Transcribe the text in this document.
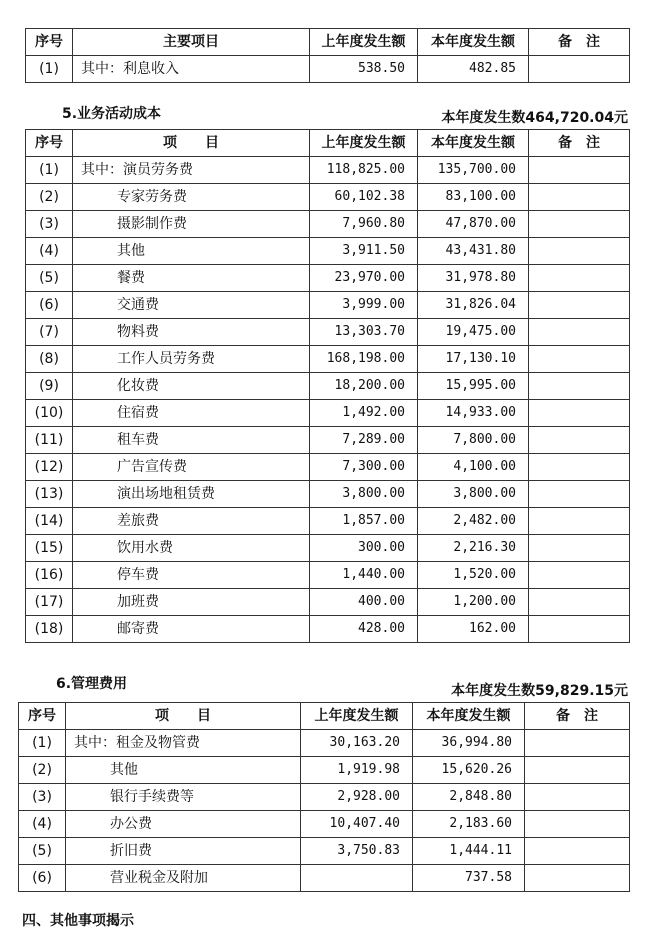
序号	主要项目	上年度发生额	本年度发生额	备　注
(1)	其中：利息收入	538.50	482.85	
5.业务活动成本	本年度发生数464,720.04元
序号	项　　目	上年度发生额	本年度发生额	备　注
(1)	其中：演员劳务费	118,825.00	135,700.00	
(2)	专家劳务费	60,102.38	83,100.00	
(3)	摄影制作费	7,960.80	47,870.00	
(4)	其他	3,911.50	43,431.80	
(5)	餐费	23,970.00	31,978.80	
(6)	交通费	3,999.00	31,826.04	
(7)	物料费	13,303.70	19,475.00	
(8)	工作人员劳务费	168,198.00	17,130.10	
(9)	化妆费	18,200.00	15,995.00	
(10)	住宿费	1,492.00	14,933.00	
(11)	租车费	7,289.00	7,800.00	
(12)	广告宣传费	7,300.00	4,100.00	
(13)	演出场地租赁费	3,800.00	3,800.00	
(14)	差旅费	1,857.00	2,482.00	
(15)	饮用水费	300.00	2,216.30	
(16)	停车费	1,440.00	1,520.00	
(17)	加班费	400.00	1,200.00	
(18)	邮寄费	428.00	162.00	
6.管理费用	本年度发生数59,829.15元
序号	项　　目	上年度发生额	本年度发生额	备　注
(1)	其中：租金及物管费	30,163.20	36,994.80	
(2)	其他	1,919.98	15,620.26	
(3)	银行手续费等	2,928.00	2,848.80	
(4)	办公费	10,407.40	2,183.60	
(5)	折旧费	3,750.83	1,444.11	
(6)	营业税金及附加		737.58	
四、其他事项揭示
